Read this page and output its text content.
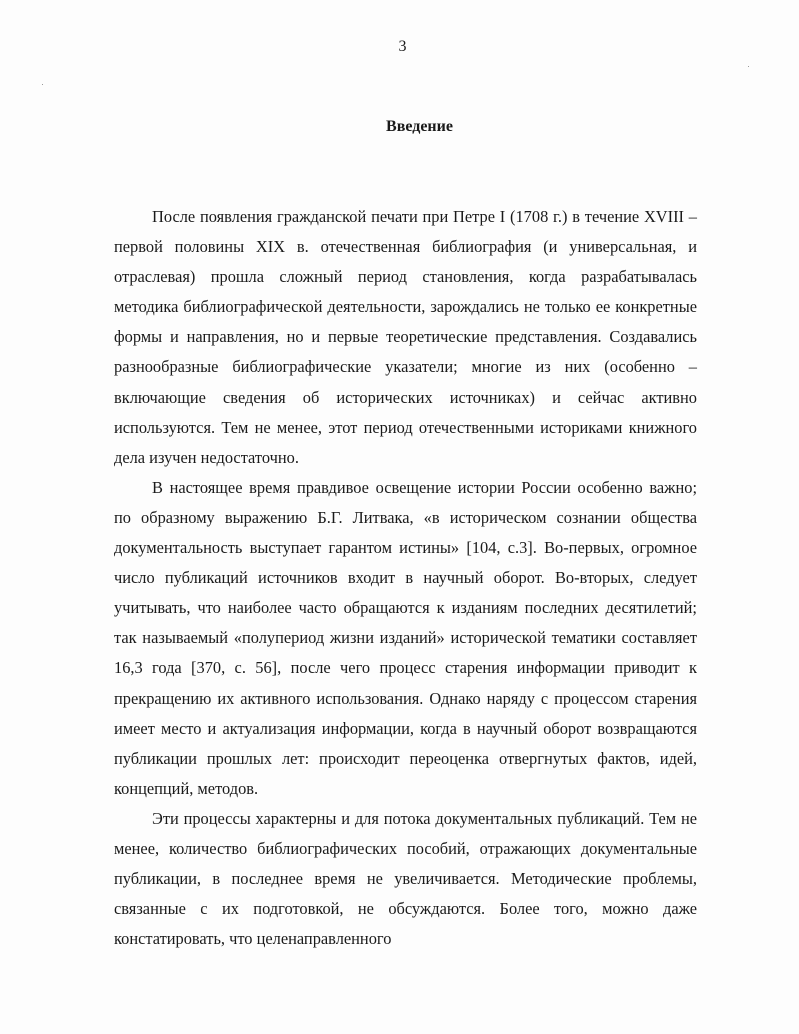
3
Введение

После появления гражданской печати при Петре I (1708 г.) в течение XVIII – первой половины XIX в. отечественная библиография (и универсальная, и отраслевая) прошла сложный период становления, когда разрабатывалась методика библиографической деятельности, зарождались не только ее конкретные формы и направления, но и первые теоретические представления. Создавались разнообразные библиографические указатели; многие из них (особенно – включающие сведения об исторических источниках) и сейчас активно используются. Тем не менее, этот период отечественными историками книжного дела изучен недостаточно.

В настоящее время правдивое освещение истории России особенно важно; по образному выражению Б.Г. Литвака, «в историческом сознании общества документальность выступает гарантом истины» [104, с.3]. Во-первых, огромное число публикаций источников входит в научный оборот. Во-вторых, следует учитывать, что наиболее часто обращаются к изданиям последних десятилетий; так называемый «полупериод жизни изданий» исторической тематики составляет 16,3 года [370, с. 56], после чего процесс старения информации приводит к прекращению их активного использования. Однако наряду с процессом старения имеет место и актуализация информации, когда в научный оборот возвращаются публикации прошлых лет: происходит переоценка отвергнутых фактов, идей, концепций, методов.

Эти процессы характерны и для потока документальных публикаций. Тем не менее, количество библиографических пособий, отражающих документальные публикации, в последнее время не увеличивается. Методические проблемы, связанные с их подготовкой, не обсуждаются. Более того, можно даже констатировать, что целенаправленного
